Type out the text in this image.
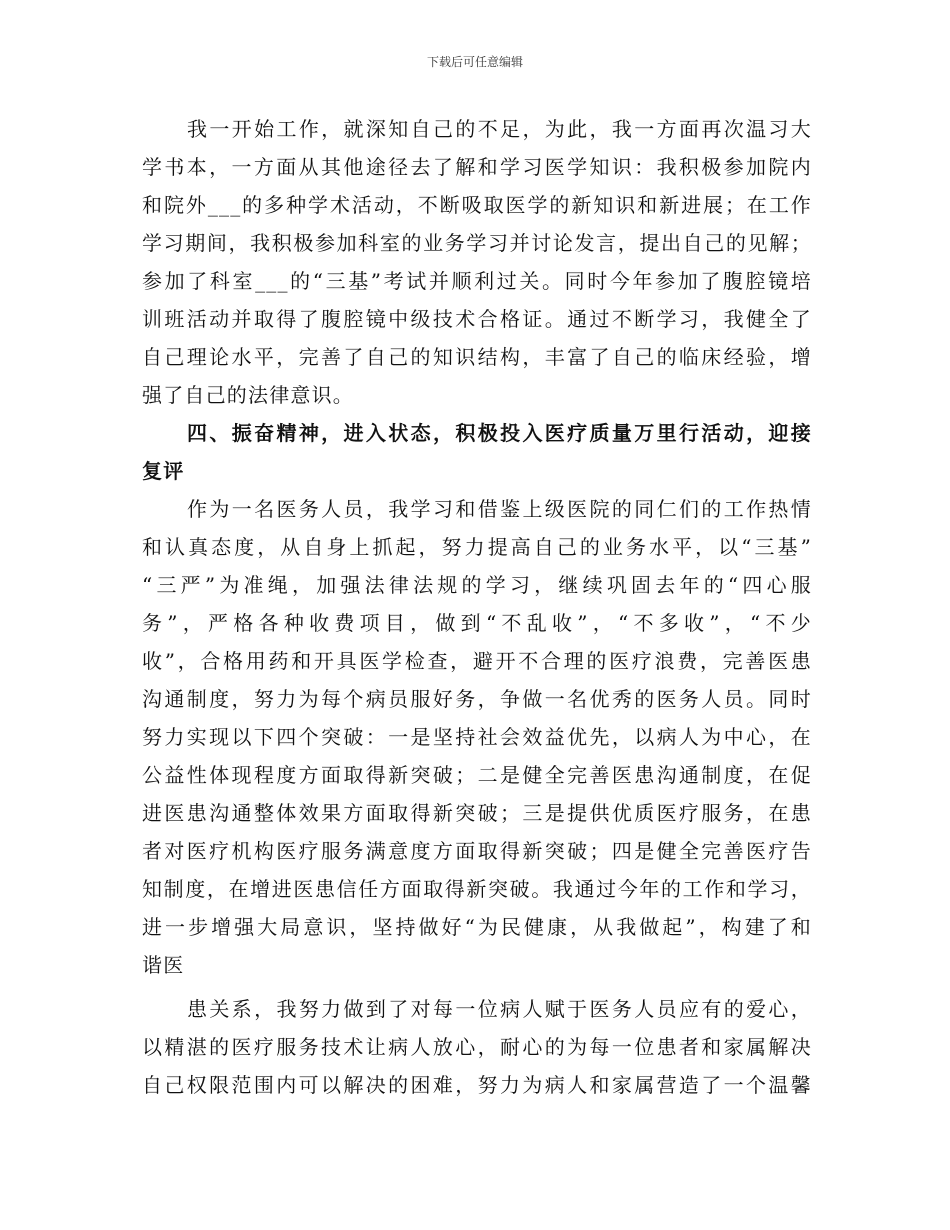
下载后可任意编辑
我一开始工作，就深知自己的不足，为此，我一方面再次温习大
学书本，一方面从其他途径去了解和学习医学知识：我积极参加院内
和院外___的多种学术活动，不断吸取医学的新知识和新进展；在工作
学习期间，我积极参加科室的业务学习并讨论发言，提出自己的见解；
参加了科室___的“三基”考试并顺利过关。同时今年参加了腹腔镜培
训班活动并取得了腹腔镜中级技术合格证。通过不断学习，我健全了
自己理论水平，完善了自己的知识结构，丰富了自己的临床经验，增
强了自己的法律意识。
四、振奋精神，进入状态，积极投入医疗质量万里行活动，迎接
复评
作为一名医务人员，我学习和借鉴上级医院的同仁们的工作热情
和认真态度，从自身上抓起，努力提高自己的业务水平，以“三基”
“三严”为准绳，加强法律法规的学习，继续巩固去年的“四心服
务”，严格各种收费项目，做到“不乱收”，“不多收”，“不少
收”，合格用药和开具医学检查，避开不合理的医疗浪费，完善医患
沟通制度，努力为每个病员服好务，争做一名优秀的医务人员。同时
努力实现以下四个突破：一是坚持社会效益优先，以病人为中心，在
公益性体现程度方面取得新突破；二是健全完善医患沟通制度，在促
进医患沟通整体效果方面取得新突破；三是提供优质医疗服务，在患
者对医疗机构医疗服务满意度方面取得新突破；四是健全完善医疗告
知制度，在增进医患信任方面取得新突破。我通过今年的工作和学习，
进一步增强大局意识，坚持做好“为民健康，从我做起”，构建了和
谐医
患关系，我努力做到了对每一位病人赋于医务人员应有的爱心，
以精湛的医疗服务技术让病人放心，耐心的为每一位患者和家属解决
自己权限范围内可以解决的困难，努力为病人和家属营造了一个温馨
